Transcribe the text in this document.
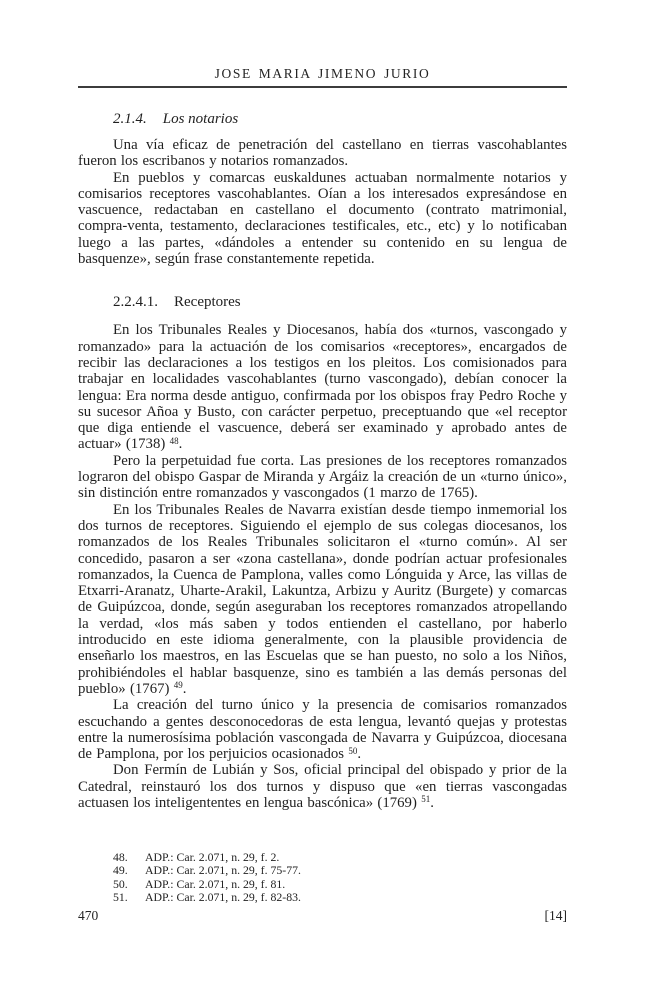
JOSE MARIA JIMENO JURIO
2.1.4. Los notarios

Una vía eficaz de penetración del castellano en tierras vascohablantes fueron los escribanos y notarios romanzados.

En pueblos y comarcas euskaldunes actuaban normalmente notarios y comisarios receptores vascohablantes. Oían a los interesados expresándose en vascuence, redactaban en castellano el documento (contrato matrimonial, compra-venta, testamento, declaraciones testificales, etc., etc) y lo notificaban luego a las partes, «dándoles a entender su contenido en su lengua de basquenze», según frase constantemente repetida.

2.2.4.1. Receptores

En los Tribunales Reales y Diocesanos, había dos «turnos, vascongado y romanzado» para la actuación de los comisarios «receptores», encargados de recibir las declaraciones a los testigos en los pleitos. Los comisionados para trabajar en localidades vascohablantes (turno vascongado), debían conocer la lengua: Era norma desde antiguo, confirmada por los obispos fray Pedro Roche y su sucesor Añoa y Busto, con carácter perpetuo, preceptuando que «el receptor que diga entiende el vascuence, deberá ser examinado y aprobado antes de actuar» (1738) $^{48}$.

Pero la perpetuidad fue corta. Las presiones de los receptores romanzados lograron del obispo Gaspar de Miranda y Argáiz la creación de un «turno único», sin distinción entre romanzados y vascongados (1 marzo de 1765).

En los Tribunales Reales de Navarra existían desde tiempo inmemorial los dos turnos de receptores. Siguiendo el ejemplo de sus colegas diocesanos, los romanzados de los Reales Tribunales solicitaron el «turno común». Al ser concedido, pasaron a ser «zona castellana», donde podrían actuar profesionales romanzados, la Cuenca de Pamplona, valles como Lónguida y Arce, las villas de Etxarri-Aranatz, Uharte-Arakil, Lakuntza, Arbizu y Auritz (Burgete) y comarcas de Guipúzcoa, donde, según aseguraban los receptores romanzados atropellando la verdad, «los más saben y todos entienden el castellano, por haberlo introducido en este idioma generalmente, con la plausible providencia de enseñarlo los maestros, en las Escuelas que se han puesto, no solo a los Niños, prohibiéndoles el hablar basquenze, sino es también a las demás personas del pueblo» (1767) $^{49}$.

La creación del turno único y la presencia de comisarios romanzados escuchando a gentes desconocedoras de esta lengua, levantó quejas y protestas entre la numerosísima población vascongada de Navarra y Guipúzcoa, diocesana de Pamplona, por los perjuicios ocasionados $^{50}$.

Don Fermín de Lubián y Sos, oficial principal del obispado y prior de la Catedral, reinstauró los dos turnos y dispuso que «en tierras vascongadas actuasen los inteligententes en lengua bascónica» (1769) $^{51}$.

48. ADP.: Car. 2.071, n. 29, f. 2.
49. ADP.: Car. 2.071, n. 29, f. 75-77.
50. ADP.: Car. 2.071, n. 29, f. 81.
51. ADP.: Car. 2.071, n. 29, f. 82-83.
470	[14]
